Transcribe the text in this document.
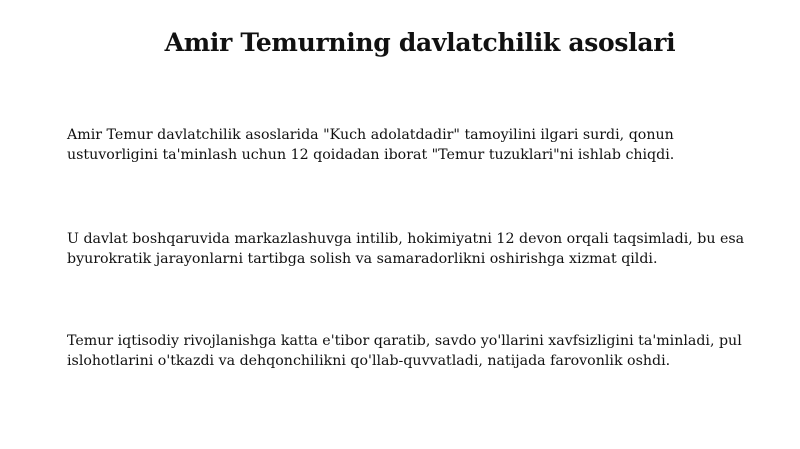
Amir Temurning davlatchilik asoslari

Amir Temur davlatchilik asoslarida "Kuch adolatdadir" tamoyilini ilgari surdi, qonun ustuvorligini ta'minlash uchun 12 qoidadan iborat "Temur tuzuklari"ni ishlab chiqdi.

U davlat boshqaruvida markazlashuvga intilib, hokimiyatni 12 devon orqali taqsimladi, bu esa byurokratik jarayonlarni tartibga solish va samaradorlikni oshirishga xizmat qildi.

Temur iqtisodiy rivojlanishga katta e'tibor qaratib, savdo yo'llarini xavfsizligini ta'minladi, pul islohotlarini o'tkazdi va dehqonchilikni qo'llab-quvvatladi, natijada farovonlik oshdi.
